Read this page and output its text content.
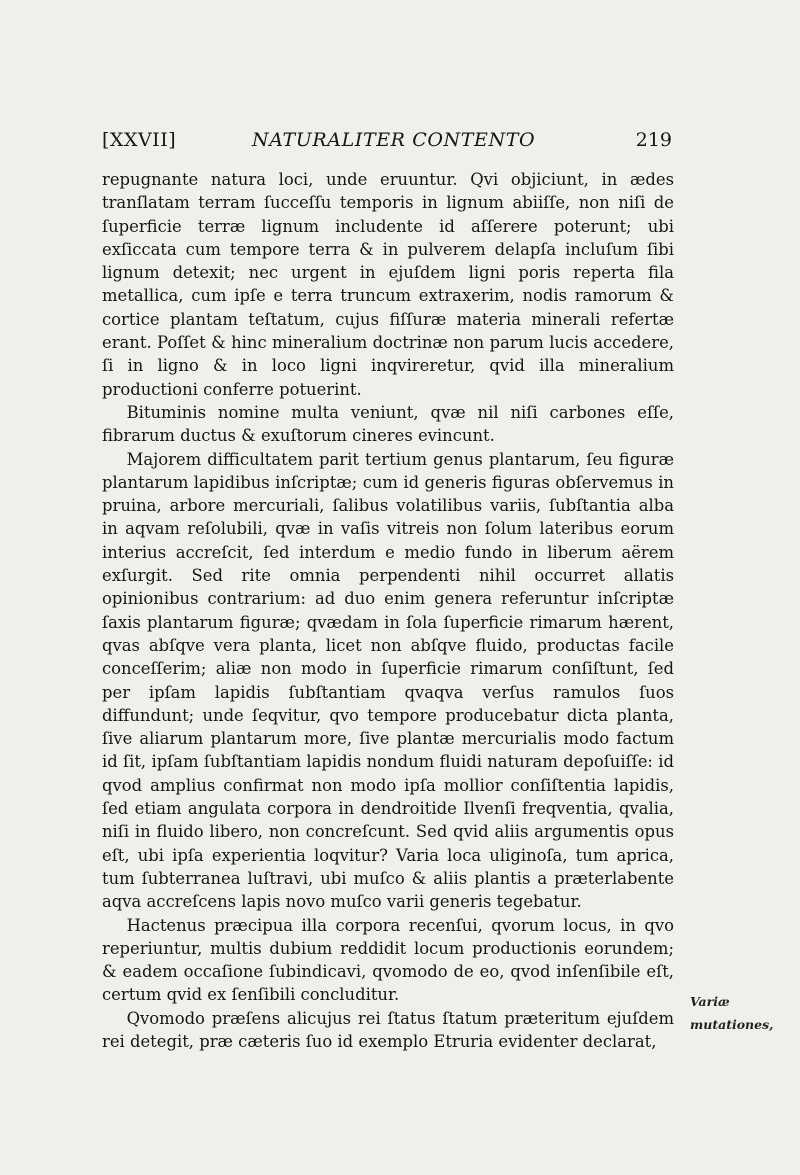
[XXVII]	NATURALITER CONTENTO	219

repugnante natura loci, unde eruuntur. Qvi objiciunt, in ædes tranſlatam terram ſucceſſu temporis in lignum abiiſſe, non niſi de ſuperficie terræ lignum includente id aſſerere poterunt; ubi exſiccata cum tempore terra & in pulverem delapſa incluſum ſibi lignum detexit; nec urgent in ejuſdem ligni poris reperta fila metallica, cum ipſe e terra truncum extraxerim, nodis ramorum & cortice plantam teſtatum, cujus fiſſuræ materia minerali refertæ erant. Poſſet & hinc mineralium doctrinæ non parum lucis accedere, ſi in ligno & in loco ligni inqvireretur, qvid illa mineralium productioni conferre potuerint.

Bituminis nomine multa veniunt, qvæ nil niſi carbones eſſe, fibrarum ductus & exuſtorum cineres evincunt.

Majorem difficultatem parit tertium genus plantarum, ſeu figuræ plantarum lapidibus inſcriptæ; cum id generis figuras obſervemus in pruina, arbore mercuriali, ſalibus volatilibus variis, ſubſtantia alba in aqvam reſolubili, qvæ in vaſis vitreis non ſolum lateribus eorum interius accreſcit, ſed interdum e medio fundo in liberum aërem exſurgit. Sed rite omnia perpendenti nihil occurret allatis opinionibus contrarium: ad duo enim genera referuntur inſcriptæ ſaxis plantarum figuræ; qvædam in ſola ſuperficie rimarum hærent, qvas abſqve vera planta, licet non abſqve fluido, productas facile conceſſerim; aliæ non modo in ſuperficie rimarum conſiſtunt, ſed per ipſam lapidis ſubſtantiam qvaqva verſus ramulos ſuos diffundunt; unde ſeqvitur, qvo tempore producebatur dicta planta, ſive aliarum plantarum more, ſive plantæ mercurialis modo factum id ſit, ipſam ſubſtantiam lapidis nondum fluidi naturam depoſuiſſe: id qvod amplius confirmat non modo ipſa mollior conſiſtentia lapidis, ſed etiam angulata corpora in dendroitide Ilvenſi freqventia, qvalia, niſi in fluido libero, non concreſcunt. Sed qvid aliis argumentis opus eſt, ubi ipſa experientia loqvitur? Varia loca uliginoſa, tum aprica, tum ſubterranea luſtravi, ubi muſco & aliis plantis a præterlabente aqva accreſcens lapis novo muſco varii generis tegebatur.

Hactenus præcipua illa corpora recenſui, qvorum locus, in qvo reperiuntur, multis dubium reddidit locum productionis eorundem; & eadem occaſione ſubindicavi, qvomodo de eo, qvod inſenſibile eſt, certum qvid ex ſenſibili concluditur.

Qvomodo præſens alicujus rei ſtatus ſtatum præteritum ejuſdem rei detegit, præ cæteris ſuo id exemplo Etruria evidenter declarat,

Variæ mutationes,
